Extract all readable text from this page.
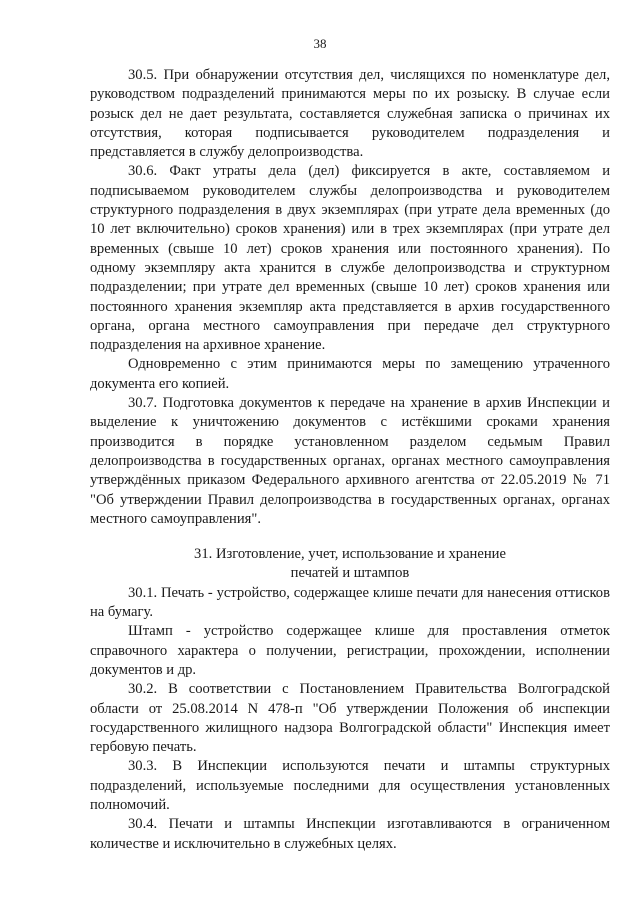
38

30.5. При обнаружении отсутствия дел, числящихся по номенклатуре дел, руководством подразделений принимаются меры по их розыску. В случае если розыск дел не дает результата, составляется служебная записка о причинах их отсутствия, которая подписывается руководителем подразделения и представляется в службу делопроизводства.

30.6. Факт утраты дела (дел) фиксируется в акте, составляемом и подписываемом руководителем службы делопроизводства и руководителем структурного подразделения в двух экземплярах (при утрате дела временных (до 10 лет включительно) сроков хранения) или в трех экземплярах (при утрате дел временных (свыше 10 лет) сроков хранения или постоянного хранения). По одному экземпляру акта хранится в службе делопроизводства и структурном подразделении; при утрате дел временных (свыше 10 лет) сроков хранения или постоянного хранения экземпляр акта представляется в архив государственного органа, органа местного самоуправления при передаче дел структурного подразделения на архивное хранение.

Одновременно с этим принимаются меры по замещению утраченного документа его копией.

30.7. Подготовка документов к передаче на хранение в архив Инспекции и выделение к уничтожению документов с истёкшими сроками хранения производится в порядке установленном разделом седьмым Правил делопроизводства в государственных органах, органах местного самоуправления утверждённых приказом Федерального архивного агентства от 22.05.2019 № 71 "Об утверждении Правил делопроизводства в государственных органах, органах местного самоуправления".

31. Изготовление, учет, использование и хранение
печатей и штампов

30.1. Печать - устройство, содержащее клише печати для нанесения оттисков на бумагу.

Штамп - устройство содержащее клише для проставления отметок справочного характера о получении, регистрации, прохождении, исполнении документов и др.

30.2. В соответствии с Постановлением Правительства Волгоградской области от 25.08.2014 N 478-п "Об утверждении Положения об инспекции государственного жилищного надзора Волгоградской области" Инспекция имеет гербовую печать.

30.3. В Инспекции используются печати и штампы структурных подразделений, используемые последними для осуществления установленных полномочий.

30.4. Печати и штампы Инспекции изготавливаются в ограниченном количестве и исключительно в служебных целях.
